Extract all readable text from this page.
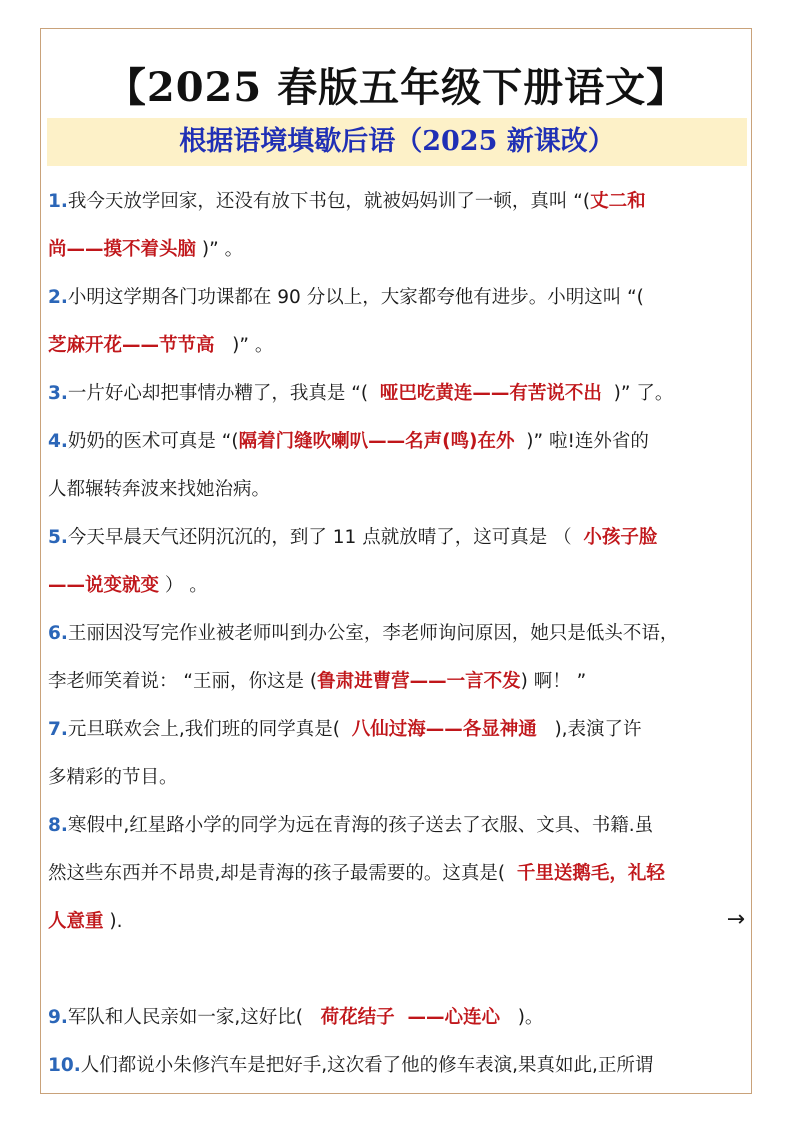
【2025 春版五年级下册语文】
根据语境填歇后语（2025 新课改）
1.我今天放学回家，还没有放下书包，就被妈妈训了一顿，真叫 “(丈二和
尚——摸不着头脑 )” 。
2.小明这学期各门功课都在 90 分以上，大家都夸他有进步。小明这叫 “(
芝麻开花——节节高   )” 。
3.一片好心却把事情办糟了，我真是 “(  哑巴吃黄连——有苦说不出  )” 了。
4.奶奶的医术可真是 “(隔着门缝吹喇叭——名声(鸣)在外  )” 啦!连外省的
人都辗转奔波来找她治病。
5.今天早晨天气还阴沉沉的，到了 11 点就放晴了，这可真是 （  小孩子脸
——说变就变 ） 。
6.王丽因没写完作业被老师叫到办公室，李老师询问原因，她只是低头不语，
李老师笑着说： “王丽，你这是 (鲁肃进曹营——一言不发) 啊！ ”
7.元旦联欢会上,我们班的同学真是(  八仙过海——各显神通   ),表演了许
多精彩的节目。
8.寒假中,红星路小学的同学为远在青海的孩子送去了衣服、文具、书籍.虽
然这些东西并不昂贵,却是青海的孩子最需要的。这真是(  千里送鹅毛，礼轻
人意重 ).
9.军队和人民亲如一家,这好比(   荷花结子  ——心连心   )。
10.人们都说小朱修汽车是把好手,这次看了他的修车表演,果真如此,正所谓
→
